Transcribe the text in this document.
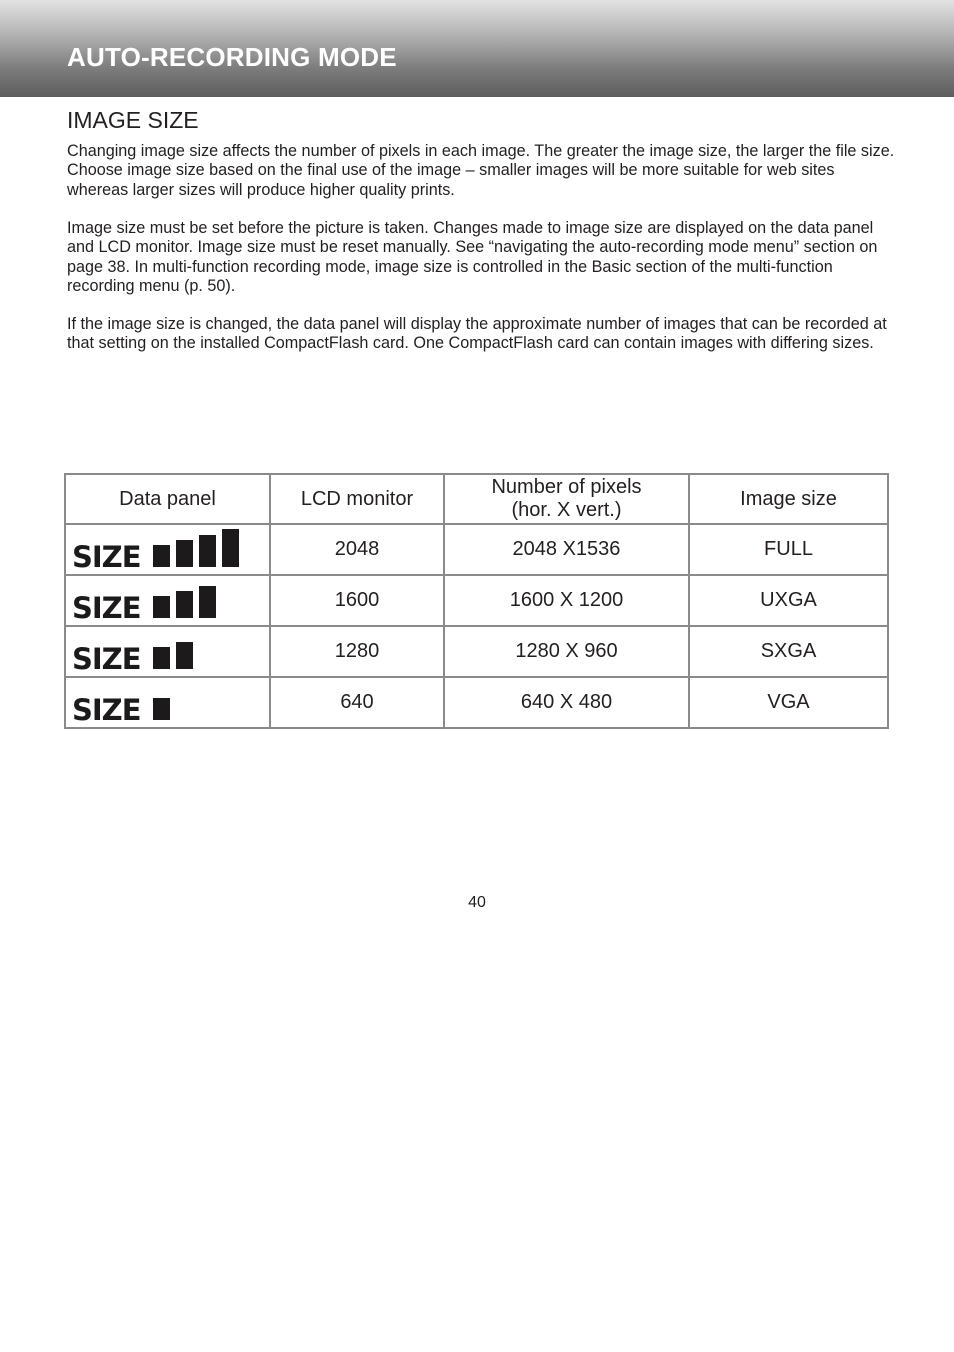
AUTO-RECORDING MODE
IMAGE SIZE

Changing image size affects the number of pixels in each image. The greater the image size, the larger the file size. Choose image size based on the final use of the image – smaller images will be more suitable for web sites whereas larger sizes will produce higher quality prints.

Image size must be set before the picture is taken. Changes made to image size are displayed on the data panel and LCD monitor. Image size must be reset manually. See “navigating the auto-recording mode menu” section on page 38. In multi-function recording mode, image size is controlled in the Basic section of the multi-function recording menu (p. 50).

If the image size is changed, the data panel will display the approximate number of images that can be recorded at that setting on the installed CompactFlash card. One CompactFlash card can contain images with differing sizes.

Data panel	LCD monitor	Number of pixels
(hor. X vert.)	Image size

SIZE	2048	2048 X1536	FULL

SIZE	1600	1600 X 1200	UXGA

SIZE	1280	1280 X 960	SXGA

SIZE	640	640 X 480	VGA
40
